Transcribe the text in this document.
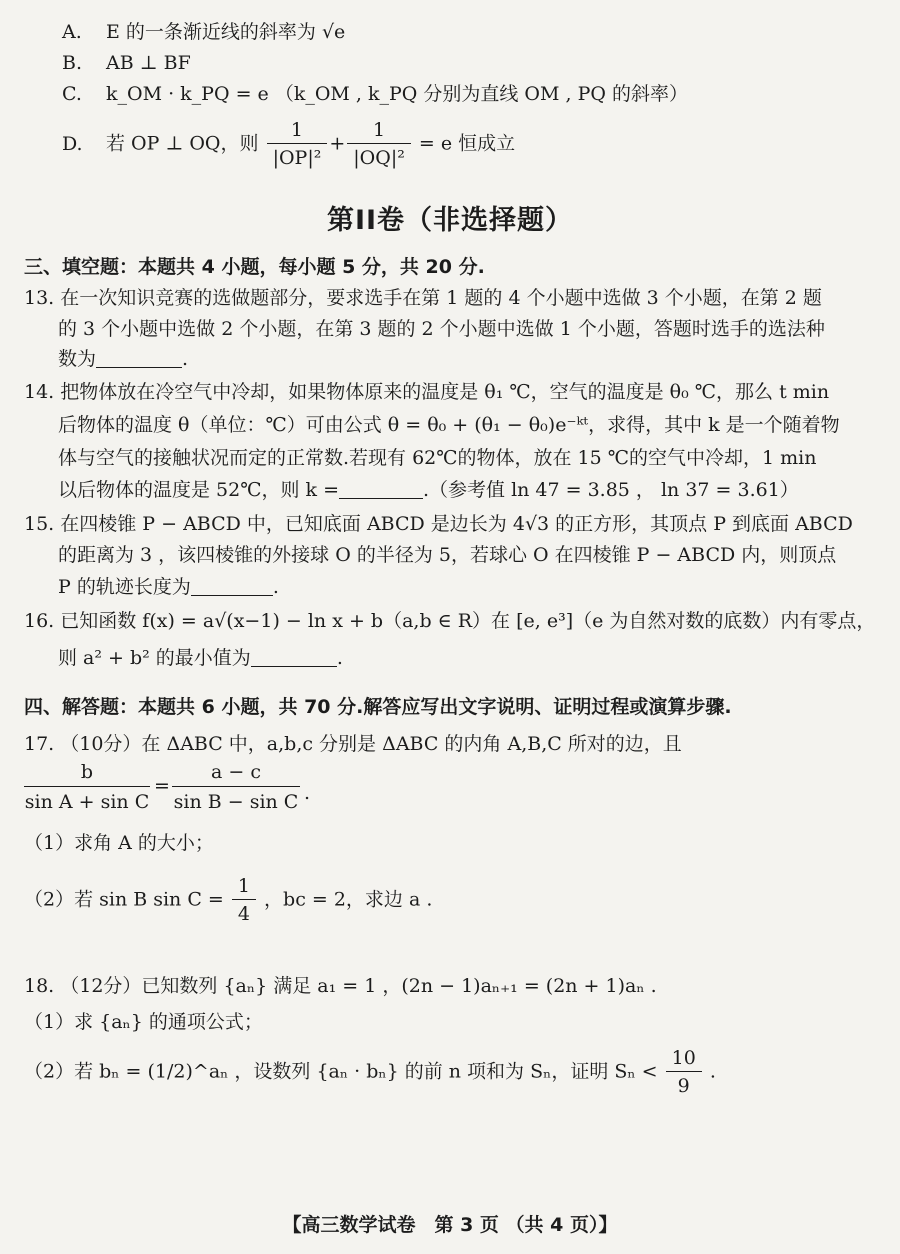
A. E 的一条渐近线的斜率为 √e
B. AB ⊥ BF
C. k_OM · k_PQ = e （k_OM , k_PQ 分别为直线 OM , PQ 的斜率）
D. 若 OP ⊥ OQ，则 $\frac{1}{\text{|OP|²}} + \frac{1}{\text{|OQ|²}} = e$ 恒成立
第II卷（非选择题）
三、填空题：本题共 4 小题，每小题 5 分，共 20 分.
13. 在一次知识竞赛的选做题部分，要求选手在第 1 题的 4 个小题中选做 3 个小题，在第 2 题
的 3 个小题中选做 2 个小题，在第 3 题的 2 个小题中选做 1 个小题，答题时选手的选法种
数为	.
14. 把物体放在冷空气中冷却，如果物体原来的温度是 θ₁ ℃，空气的温度是 θ₀ ℃，那么 t min
后物体的温度 θ（单位：℃）可由公式 θ = θ₀ + (θ₁ − θ₀)e⁻ᵏᵗ，求得，其中 k 是一个随着物
体与空气的接触状况而定的正常数.若现有 62℃的物体，放在 15 ℃的空气中冷却，1 min
以后物体的温度是 52℃，则 k =	.（参考值 ln 47 = 3.85 ， ln 37 = 3.61）
15. 在四棱锥 P − ABCD 中，已知底面 ABCD 是边长为 4√3 的正方形，其顶点 P 到底面 ABCD
的距离为 3 ，该四棱锥的外接球 O 的半径为 5，若球心 O 在四棱锥 P − ABCD 内，则顶点
P 的轨迹长度为	.
16. 已知函数 f(x) = a√(x−1) − ln x + b（a,b ∈ R）在 [e, e³]（e 为自然对数的底数）内有零点，
则 a² + b² 的最小值为	.
四、解答题：本题共 6 小题，共 70 分.解答应写出文字说明、证明过程或演算步骤.
17. （10分）在 ΔABC 中，a,b,c 分别是 ΔABC 的内角 A,B,C 所对的边，且
$\frac{b}{\text{sin A + sin C}} = \frac{a - c}{\text{sin B − sin C}}$ .
（1）求角 A 的大小；
（2）若 sin B $\sin C = \frac{1}{4}$ ，bc = 2，求边 a .
18. （12分）已知数列 {aₙ} 满足 a₁ = 1 ，(2n − 1)aₙ₊₁ = (2n + 1)aₙ .
（1）求 {aₙ} 的通项公式；
（2）若 bₙ = (1/2)^aₙ ，设数列 {aₙ · bₙ} 的前 n 项和为 Sₙ，证明 $S_n < \frac{10}{9}$ .
【高三数学试卷　第 3 页 （共 4 页）】
